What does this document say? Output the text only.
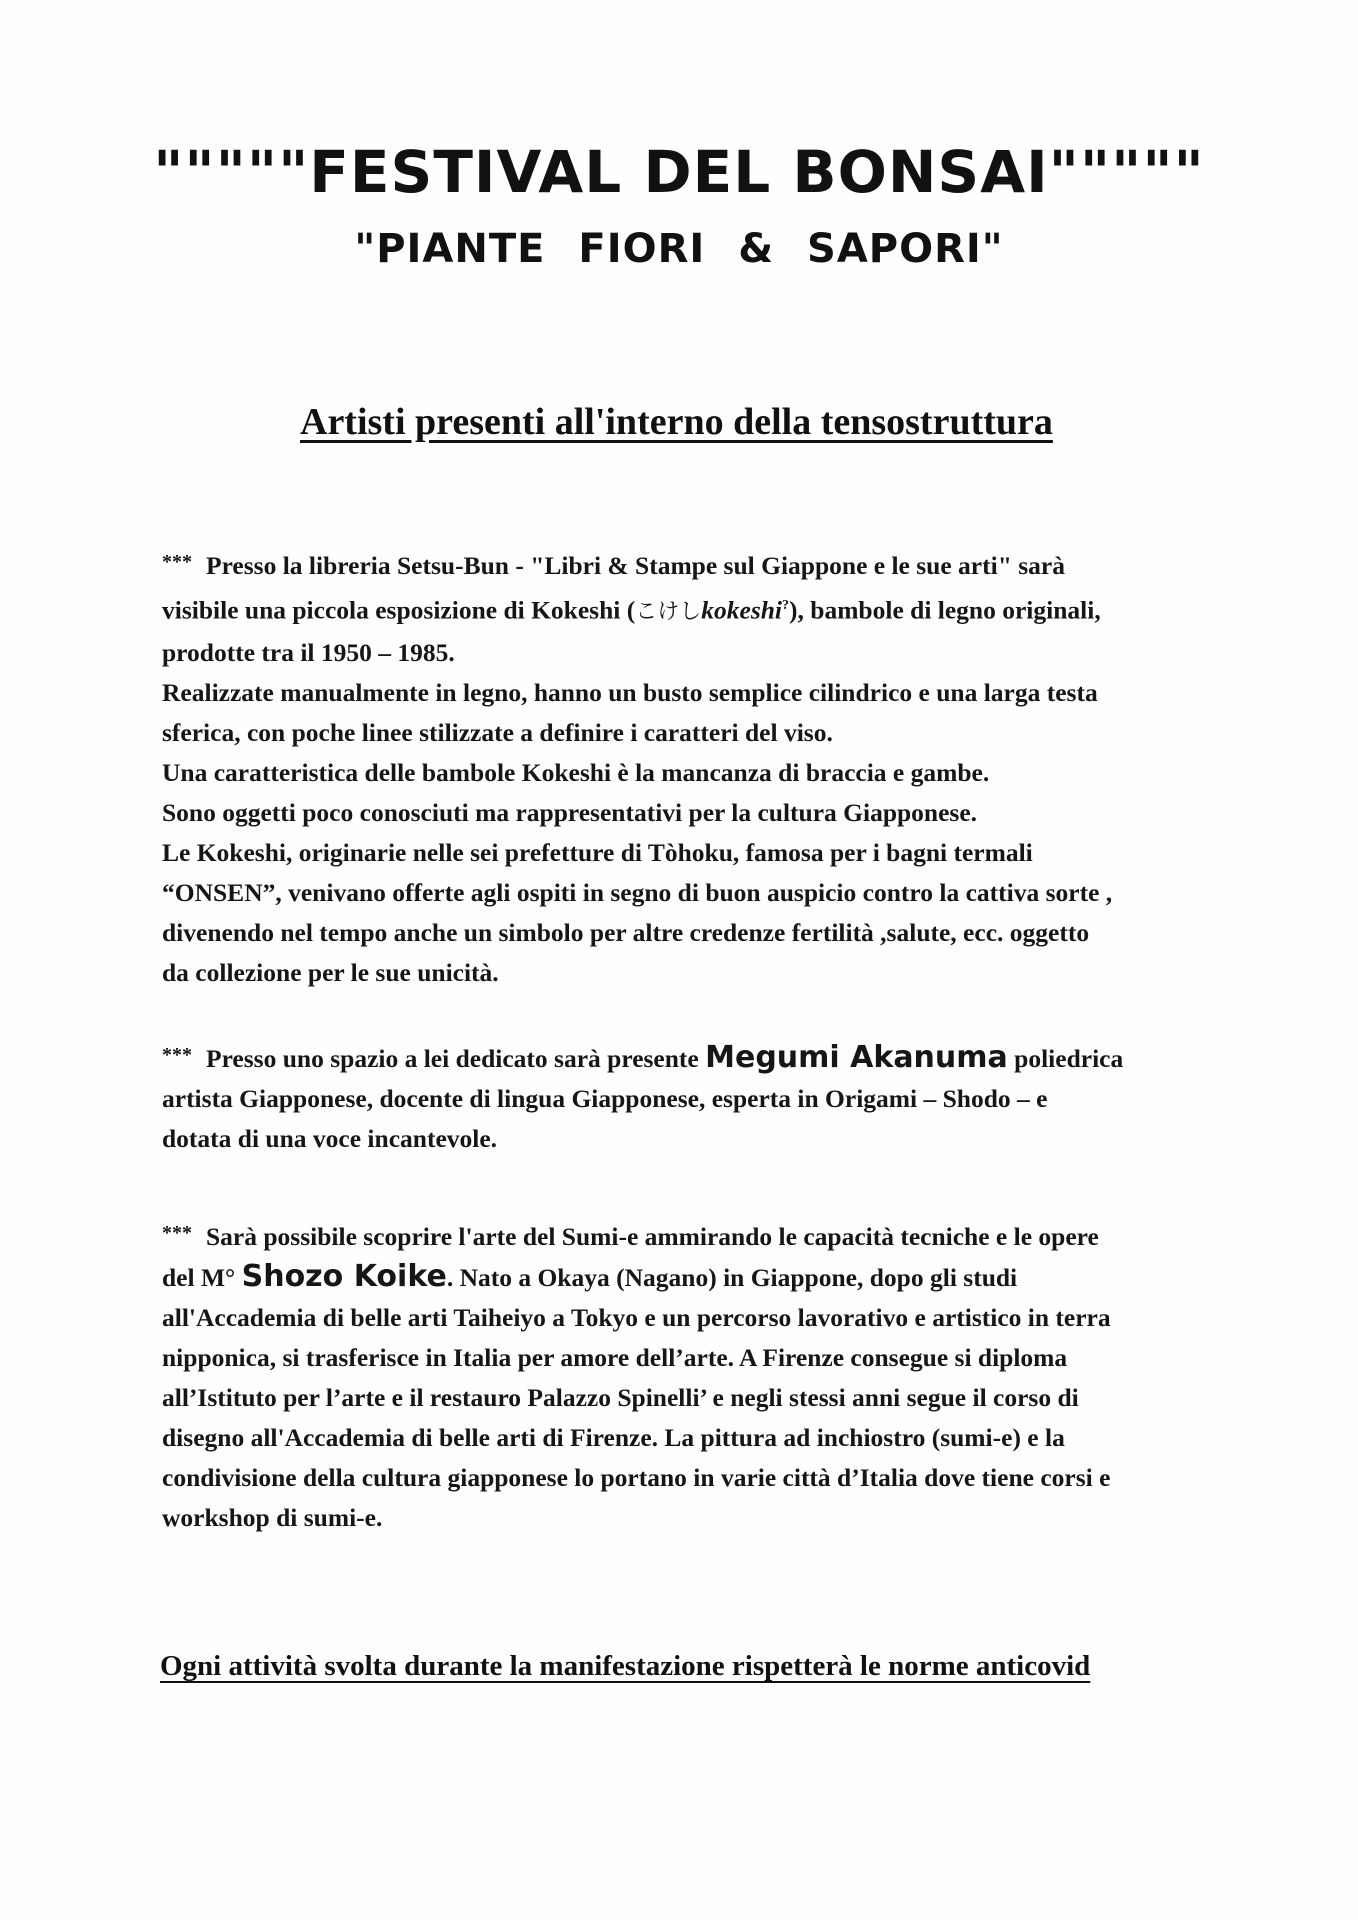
"""""FESTIVAL DEL BONSAI"""""
"PIANTE FIORI & SAPORI"
Artisti presenti all'interno della tensostruttura

*** Presso la libreria Setsu-Bun - "Libri & Stampe sul Giappone e le sue arti" sarà

visibile una piccola esposizione di Kokeshi (こけしkokeshi?), bambole di legno originali,

prodotte tra il 1950 – 1985.

Realizzate manualmente in legno, hanno un busto semplice cilindrico e una larga testa

sferica, con poche linee stilizzate a definire i caratteri del viso.

Una caratteristica delle bambole Kokeshi è la mancanza di braccia e gambe.

Sono oggetti poco conosciuti ma rappresentativi per la cultura Giapponese.

Le Kokeshi, originarie nelle sei prefetture di Tòhoku, famosa per i bagni termali

“ONSEN”, venivano offerte agli ospiti in segno di buon auspicio contro la cattiva sorte ,

divenendo nel tempo anche un simbolo per altre credenze fertilità ,salute, ecc. oggetto

da collezione per le sue unicità.

*** Presso uno spazio a lei dedicato sarà presente Megumi Akanuma poliedrica

artista Giapponese, docente di lingua Giapponese, esperta in Origami – Shodo – e

dotata di una voce incantevole.

*** Sarà possibile scoprire l'arte del Sumi-e ammirando le capacità tecniche e le opere

del M° Shozo Koike. Nato a Okaya (Nagano) in Giappone, dopo gli studi

all'Accademia di belle arti Taiheiyo a Tokyo e un percorso lavorativo e artistico in terra

nipponica, si trasferisce in Italia per amore dell’arte. A Firenze consegue si diploma

all’Istituto per l’arte e il restauro Palazzo Spinelli’ e negli stessi anni segue il corso di

disegno all'Accademia di belle arti di Firenze. La pittura ad inchiostro (sumi-e) e la

condivisione della cultura giapponese lo portano in varie città d’Italia dove tiene corsi e

workshop di sumi-e.

Ogni attività svolta durante la manifestazione rispetterà le norme anticovid
